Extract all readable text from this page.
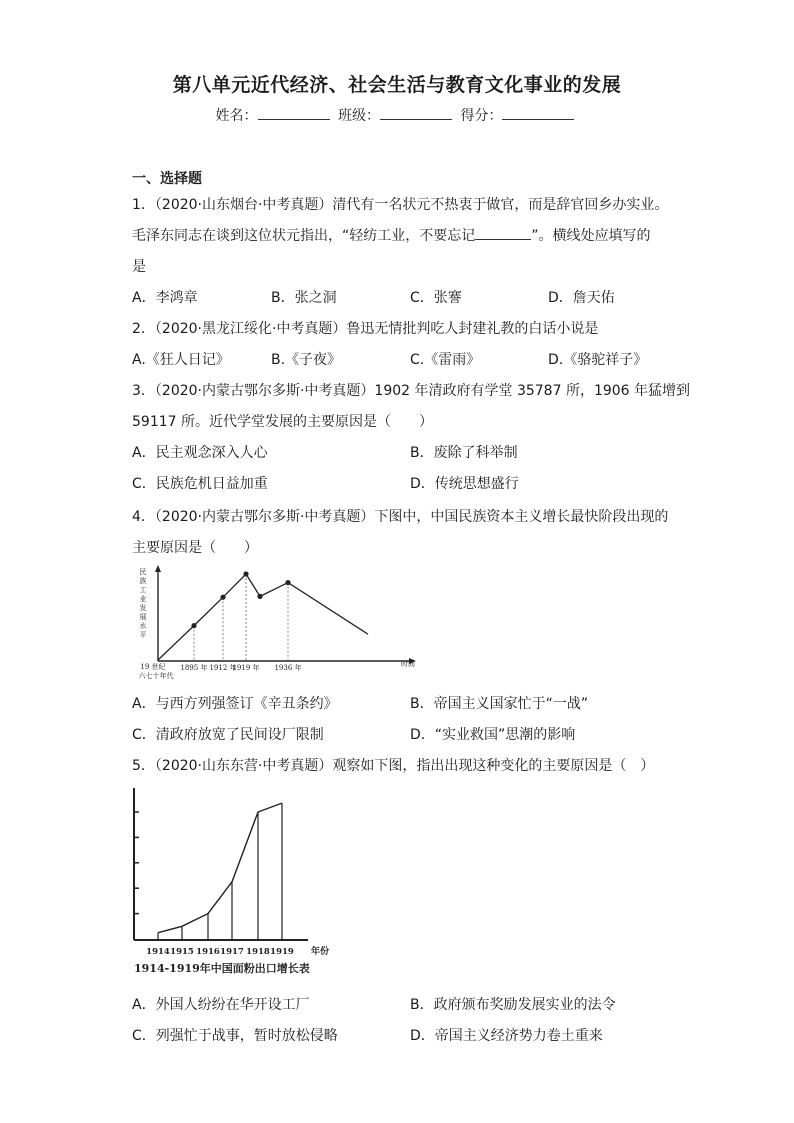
第八单元近代经济、社会生活与教育文化事业的发展
姓名：	班级：	得分：
一、选择题
1．（2020·山东烟台·中考真题）清代有一名状元不热衷于做官，而是辞官回乡办实业。
毛泽东同志在谈到这位状元指出，“轻纺工业，不要忘记	”。横线处应填写的
是
A．李鸿章	B．张之洞	C．张謇	D．詹天佑
2．（2020·黑龙江绥化·中考真题）鲁迅无情批判吃人封建礼教的白话小说是
A.《狂人日记》	B.《子夜》	C.《雷雨》	D.《骆驼祥子》
3．（2020·内蒙古鄂尔多斯·中考真题）1902 年清政府有学堂 35787 所，1906 年猛增到
59117 所。近代学堂发展的主要原因是（　　）
A．民主观念深入人心	B．废除了科举制
C．民族危机日益加重	D．传统思想盛行
4．（2020·内蒙古鄂尔多斯·中考真题）下图中，中国民族资本主义增长最快阶段出现的
主要原因是（　　）
民
族
工
业
发
展
水
平
19 世纪
六七十年代
1895 年 1912 年
1919 年 1936 年	时间
A．与西方列强签订《辛丑条约》	B．帝国主义国家忙于“一战”
C．清政府放宽了民间设厂限制	D．“实业救国”思潮的影响
5．（2020·山东东营·中考真题）观察如下图，指出出现这种变化的主要原因是（　）
1914 1915 1916 1917 1918 1919 年份
1914-1919年中国面粉出口增长表
A．外国人纷纷在华开设工厂	B．政府颁布奖励发展实业的法令
C．列强忙于战事，暂时放松侵略	D．帝国主义经济势力卷土重来
